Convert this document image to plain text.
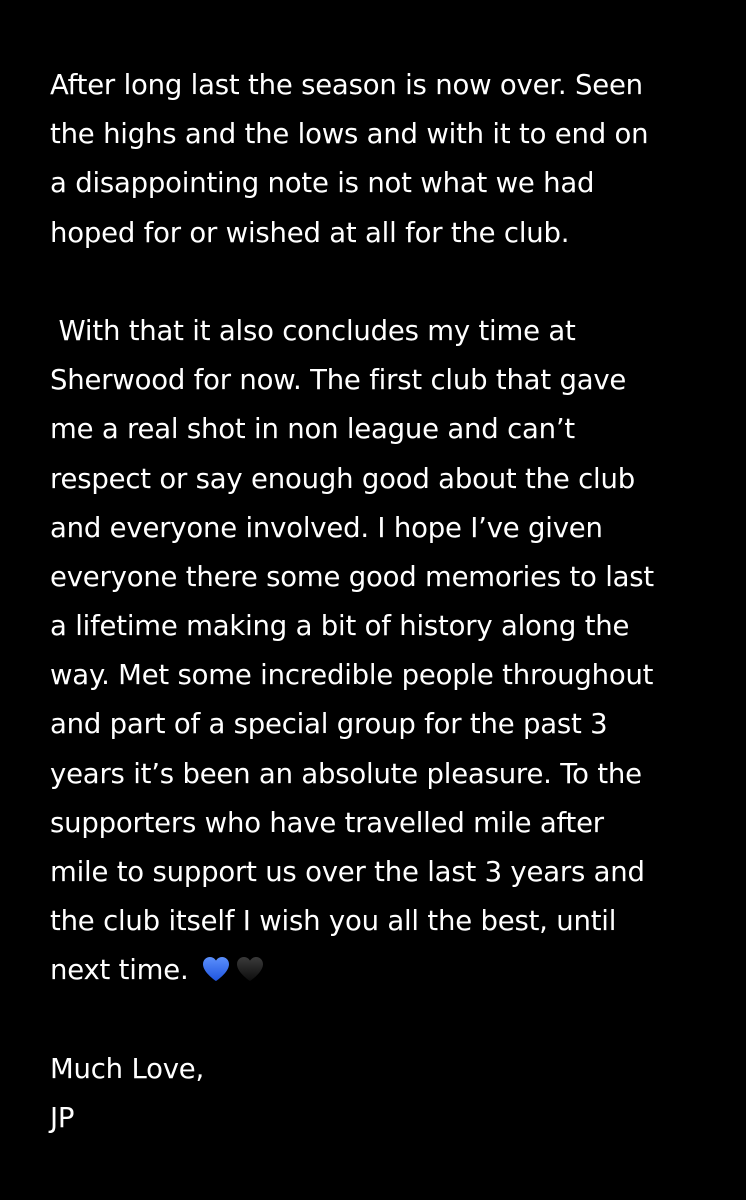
After long last the season is now over. Seen
the highs and the lows and with it to end on
a disappointing note is not what we had
hoped for or wished at all for the club.
With that it also concludes my time at
Sherwood for now. The first club that gave
me a real shot in non league and can’t
respect or say enough good about the club
and everyone involved. I hope I’ve given
everyone there some good memories to last
a lifetime making a bit of history along the
way. Met some incredible people throughout
and part of a special group for the past 3
years it’s been an absolute pleasure. To the
supporters who have travelled mile after
mile to support us over the last 3 years and
the club itself I wish you all the best, until
next time.
Much Love,
JP
